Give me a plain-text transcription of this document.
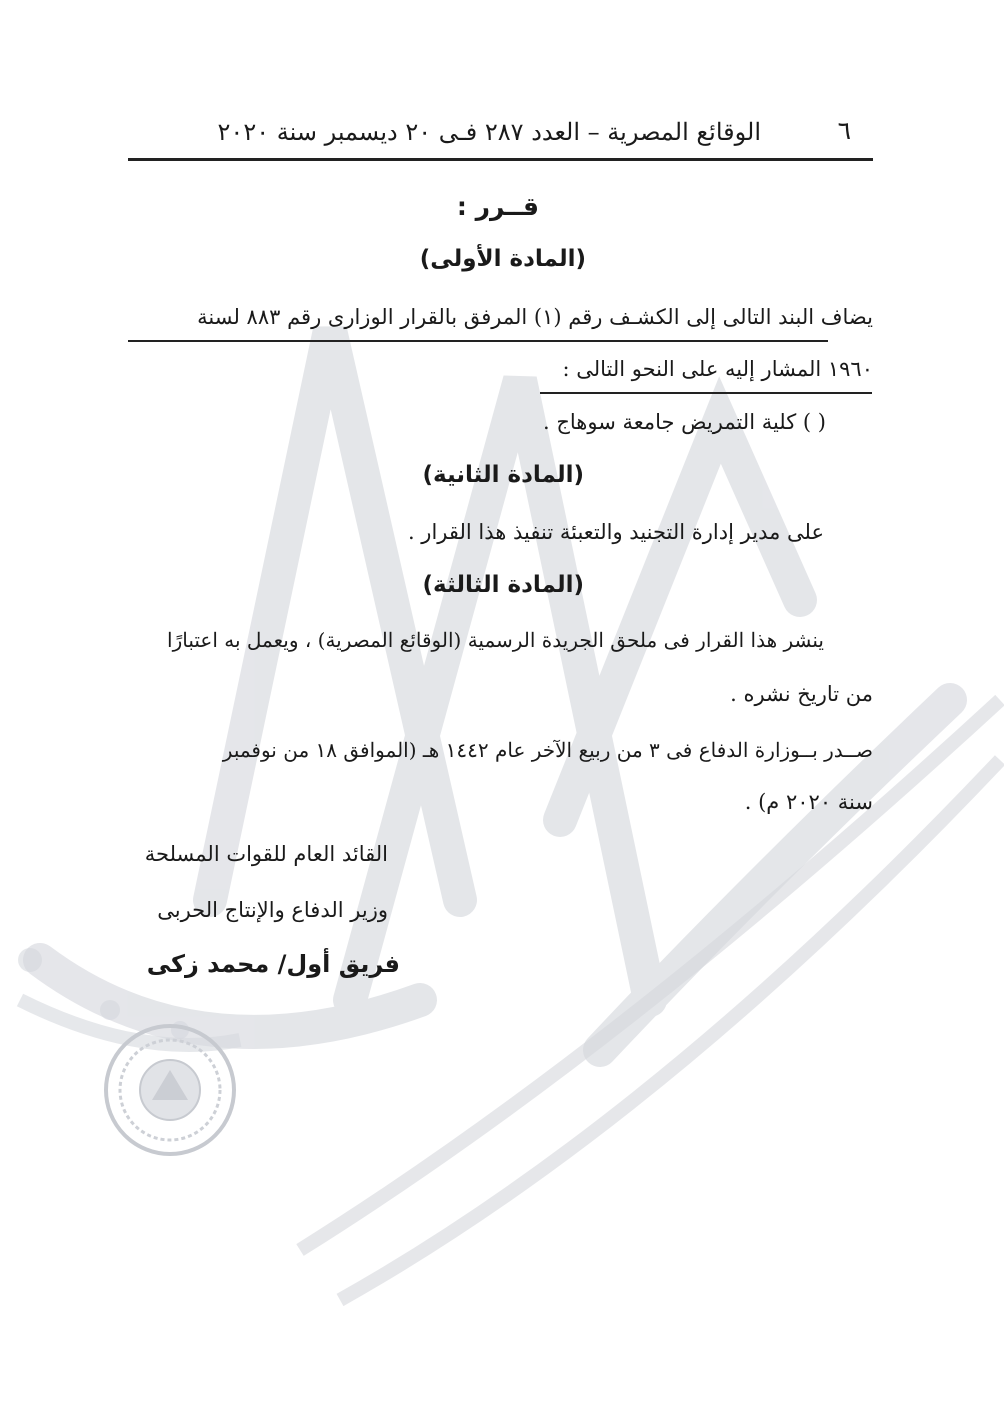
٦
الوقائع المصرية – العدد ٢٨٧ فـى ٢٠ ديسمبر سنة ٢٠٢٠
قــرر :
(المادة الأولى)
يضاف البند التالى إلى الكشـف رقم (١) المرفق بالقرار الوزارى رقم ٨٨٣ لسنة
١٩٦٠ المشار إليه على النحو التالى :
( ) كلية التمريض جامعة سوهاج .
(المادة الثانية)
على مدير إدارة التجنيد والتعبئة تنفيذ هذا القرار .
(المادة الثالثة)
ينشر هذا القرار فى ملحق الجريدة الرسمية (الوقائع المصرية) ، ويعمل به اعتبارًا
من تاريخ نشره .
صــدر بــوزارة الدفاع فى ٣ من ربيع الآخر عام ١٤٤٢ هـ (الموافق ١٨ من نوفمبر
سنة ٢٠٢٠ م) .
القائد العام للقوات المسلحة
وزير الدفاع والإنتاج الحربى
فريق أول/ محمد زكى
